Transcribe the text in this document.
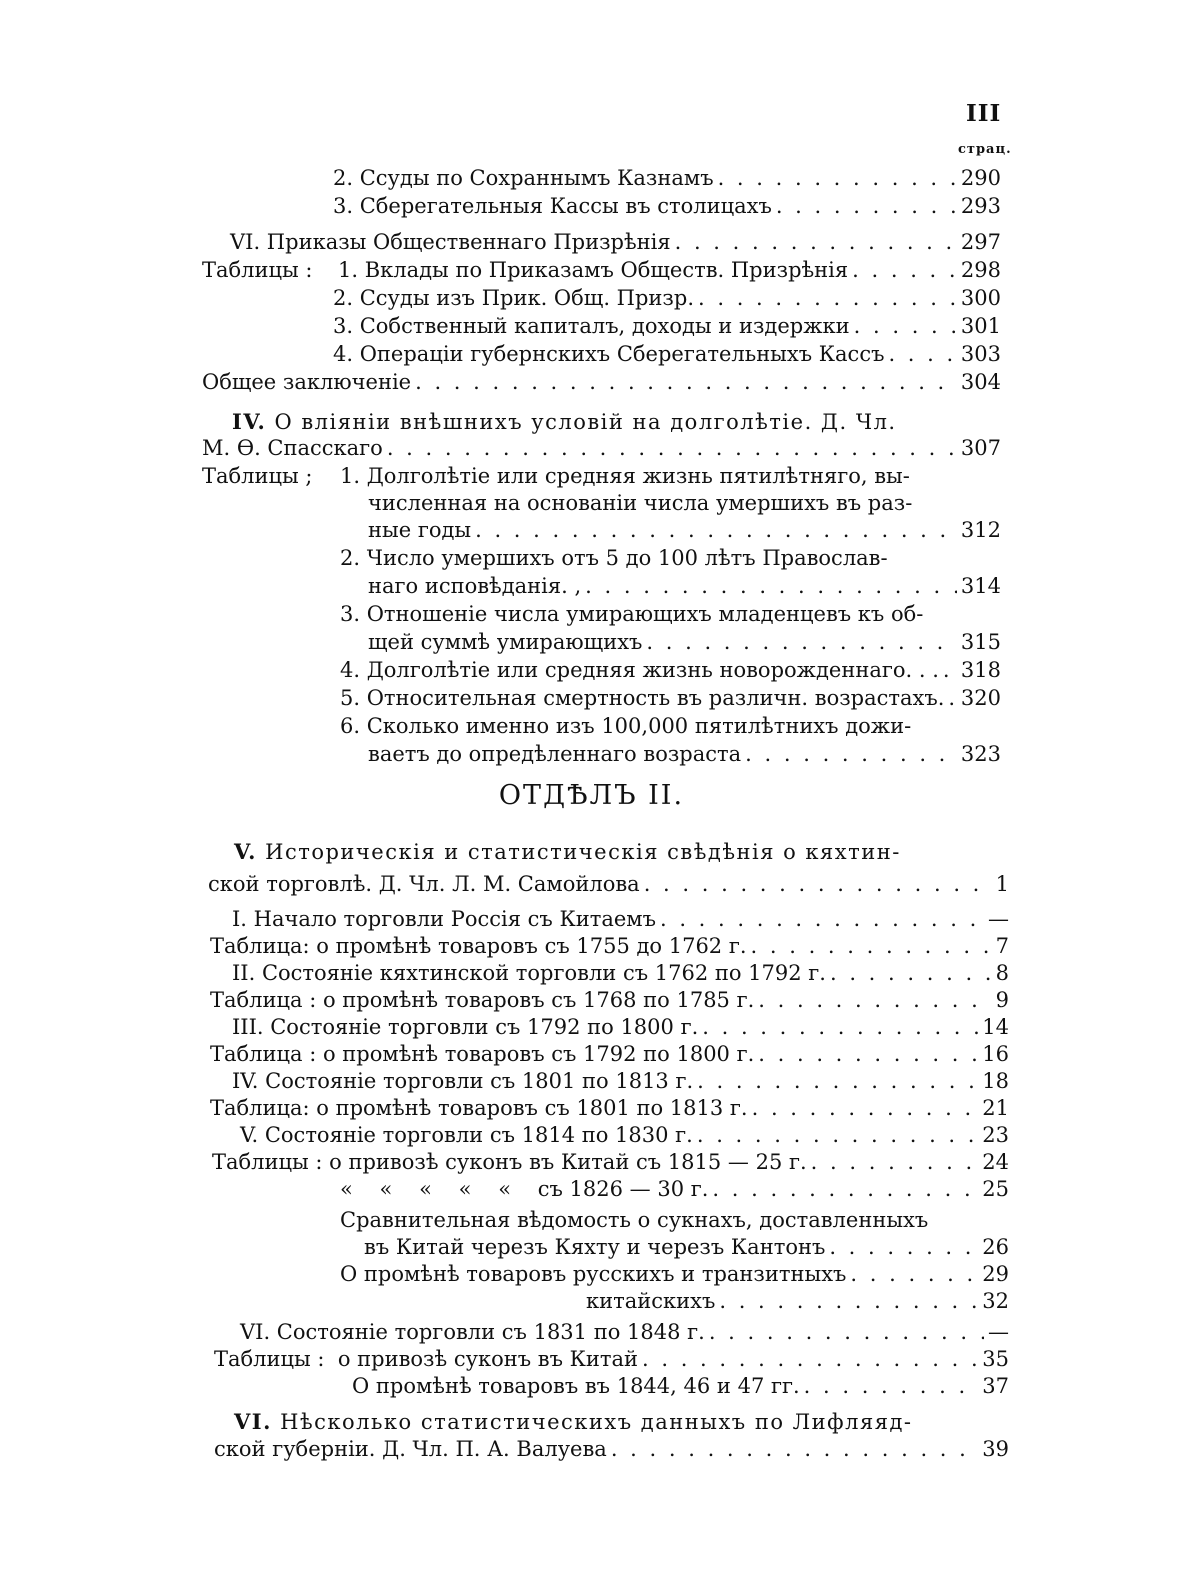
III
страц.
2. Ссуды по Сохраннымъ Казнамъ . . .	290
3. Сберегательныя Кассы въ столицахъ . . .	293
VI. Приказы Общественнаго Призрѣнія . . .	297
Таблицы : 1. Вклады по Приказамъ Обществ. Призрѣнія . . .	298
2. Ссуды изъ Прик. Общ. Призр. . . .	300
3. Собственный капиталъ, доходы и издержки . . .	301
4. Операціи губернскихъ Сберегательныхъ Кассъ . . .	303
Общее заключеніе . . .	304
IV. О вліяніи внѣшнихъ условій на долголѣтіе. Д. Чл.
М. Ѳ. Спасскаго . . .	307
Таблицы ; 1. Долголѣтіе или средняя жизнь пятилѣтняго, вы-
численная на основаніи числа умершихъ въ раз-
ные годы . . .	312
2. Число умершихъ отъ 5 до 100 лѣтъ Православ-
наго исповѣданія. , . . .	314
3. Отношеніе числа умирающихъ младенцевъ къ об-
щей суммѣ умирающихъ . . .	315
4. Долголѣтіе или средняя жизнь новорожденнаго. . . . . . 318
5. Относительная смертность въ различн. возрастахъ. . . . 320
6. Сколько именно изъ 100,000 пятилѣтнихъ дожи-
ваетъ до опредѣленнаго возраста . . .	323
ОТДѢЛЪ II.
V. Историческія и статистическія свѣдѣнія о кяхтин-
ской торговлѣ. Д. Чл. Л. М. Самойлова . . .	1
I. Начало торговли Россія съ Китаемъ . . .	—
Таблица: о промѣнѣ товаровъ съ 1755 до 1762 г. . . .	7
II. Состояніе кяхтинской торговли съ 1762 по 1792 г. . . .	8
Таблица : о промѣнѣ товаровъ съ 1768 по 1785 г. . . .	9
III. Состояніе торговли съ 1792 по 1800 г. . . .	14
Таблица : о промѣнѣ товаровъ съ 1792 по 1800 г. . . .	16
IV. Состояніе торговли съ 1801 по 1813 г. . . .	18
Таблица: о промѣнѣ товаровъ съ 1801 по 1813 г. . . .	21
V. Состояніе торговли съ 1814 по 1830 г. . . .	23
Таблицы : о привозѣ суконъ въ Китай съ 1815 — 25 г. . . .	24
«    «    «    «    «    съ 1826 — 30 г. . . .	25
Сравнительная вѣдомость о сукнахъ, доставленныхъ
въ Китай черезъ Кяхту и черезъ Кантонъ . . .	26
О промѣнѣ товаровъ русскихъ и транзитныхъ . . .	29
китайскихъ . . .	32
VI. Состояніе торговли съ 1831 по 1848 г. . . .	—
Таблицы :  о привозѣ суконъ въ Китай . . .	35
О промѣнѣ товаровъ въ 1844, 46 и 47 гг. . . .	37
VI. Нѣсколько статистическихъ данныхъ по Лифляяд-
ской губерніи. Д. Чл. П. А. Валуева . . .	39
